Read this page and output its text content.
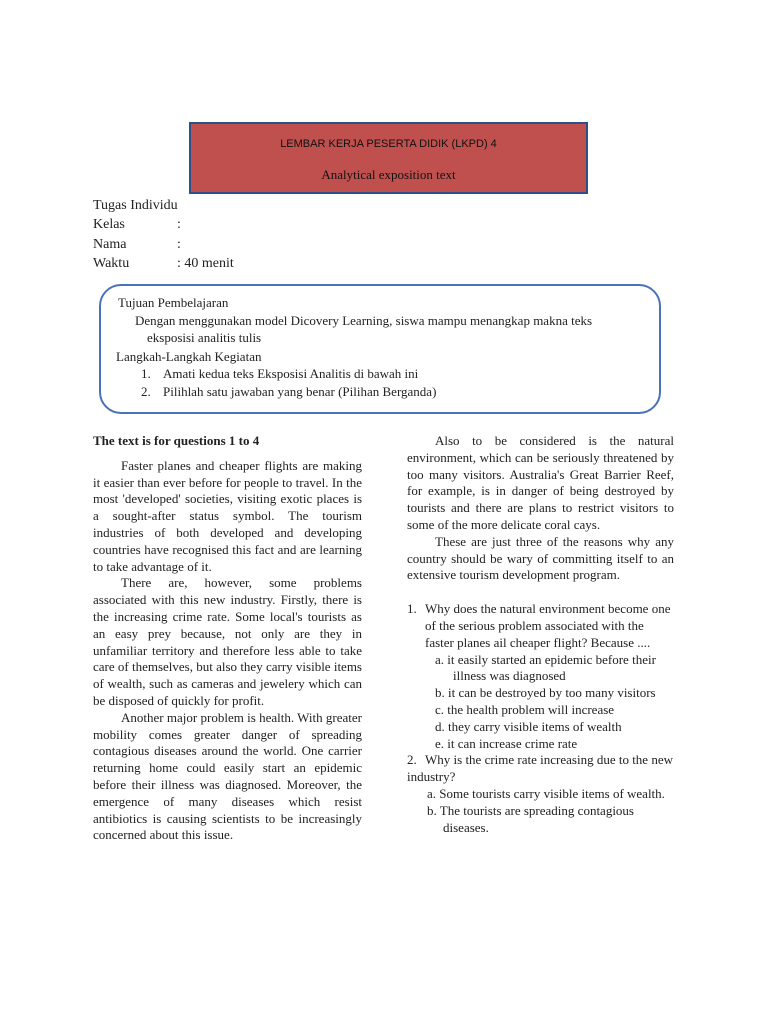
LEMBAR KERJA PESERTA DIDIK (LKPD) 4
Analytical exposition text
Tugas Individu
Kelas	:
Nama	:
Waktu	: 40 menit
Tujuan Pembelajaran
Dengan menggunakan model Dicovery Learning, siswa mampu menangkap makna teks
eksposisi analitis tulis
Langkah-Langkah Kegiatan
1. Amati kedua teks Eksposisi Analitis di bawah ini
2. Pilihlah satu jawaban yang benar (Pilihan Berganda)
The text is for questions 1 to 4

Faster planes and cheaper flights are making it easier than ever before for people to travel. In the most 'developed' societies, visiting exotic places is a sought-after status symbol. The tourism industries of both developed and developing countries have recognised this fact and are learning to take advantage of it.

There are, however, some problems associated with this new industry. Firstly, there is the increasing crime rate. Some local's tourists as an easy prey because, not only are they in unfamiliar territory and therefore less able to take care of themselves, but also they carry visible items of wealth, such as cameras and jewelery which can be disposed of quickly for profit.

Another major problem is health. With greater mobility comes greater danger of spreading contagious diseases around the world. One carrier returning home could easily start an epidemic before their illness was diagnosed. Moreover, the emergence of many diseases which resist antibiotics is causing scientists to be increasingly concerned about this issue.

Also to be considered is the natural environment, which can be seriously threatened by too many visitors. Australia's Great Barrier Reef, for example, is in danger of being destroyed by tourists and there are plans to restrict visitors to some of the more delicate coral cays.

These are just three of the reasons why any country should be wary of committing itself to an extensive tourism development program.

1. Why does the natural environment become one of the serious problem associated with the faster planes ail cheaper flight? Because ....
a. it easily started an epidemic before their illness was diagnosed
b. it can be destroyed by too many visitors
c. the health problem will increase
d. they carry visible items of wealth
e. it can increase crime rate
2. Why is the crime rate increasing due to the new industry?
a. Some tourists carry visible items of wealth.
b. The tourists are spreading contagious diseases.
